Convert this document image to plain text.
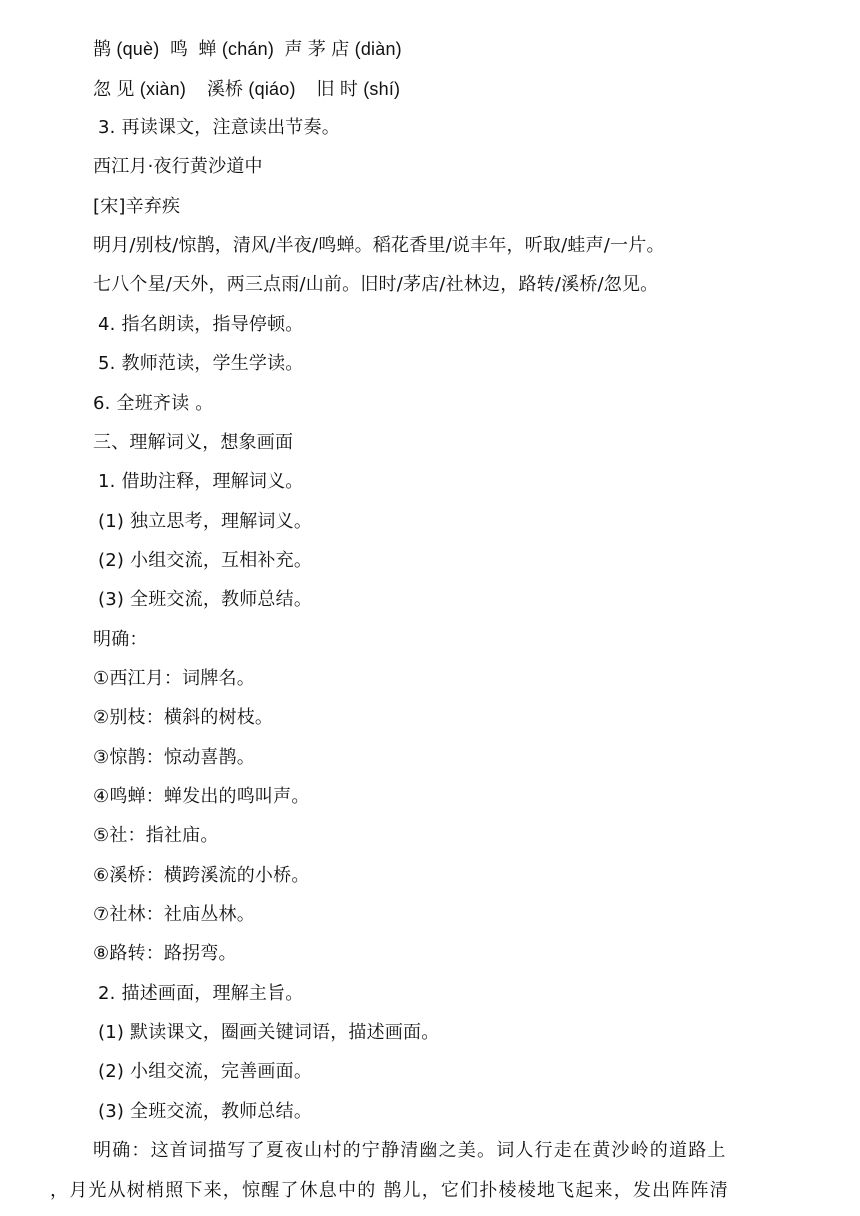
鹊 (què)  鸣  蝉 (chán)  声 茅 店 (diàn)
忽 见 (xiàn)    溪桥 (qiáo)    旧 时 (shí)
3. 再读课文，注意读出节奏。
西江月·夜行黄沙道中
[宋]辛弃疾
明月/别枝/惊鹊，清风/半夜/鸣蝉。稻花香里/说丰年，听取/蛙声/一片。
七八个星/天外，两三点雨/山前。旧时/茅店/社林边，路转/溪桥/忽见。
4. 指名朗读，指导停顿。
5. 教师范读，学生学读。
6. 全班齐读 。
三、理解词义，想象画面
1. 借助注释，理解词义。
(1) 独立思考，理解词义。
(2) 小组交流，互相补充。
(3) 全班交流，教师总结。
明确：
①西江月：词牌名。
②别枝：横斜的树枝。
③惊鹊：惊动喜鹊。
④鸣蝉：蝉发出的鸣叫声。
⑤社：指社庙。
⑥溪桥：横跨溪流的小桥。
⑦社林：社庙丛林。
⑧路转：路拐弯。
2. 描述画面，理解主旨。
(1) 默读课文，圈画关键词语，描述画面。
(2) 小组交流，完善画面。
(3) 全班交流，教师总结。
明确：这首词描写了夏夜山村的宁静清幽之美。词人行走在黄沙岭的道路上
，月光从树梢照下来，惊醒了休息中的 鹊儿，它们扑棱棱地飞起来，发出阵阵清
